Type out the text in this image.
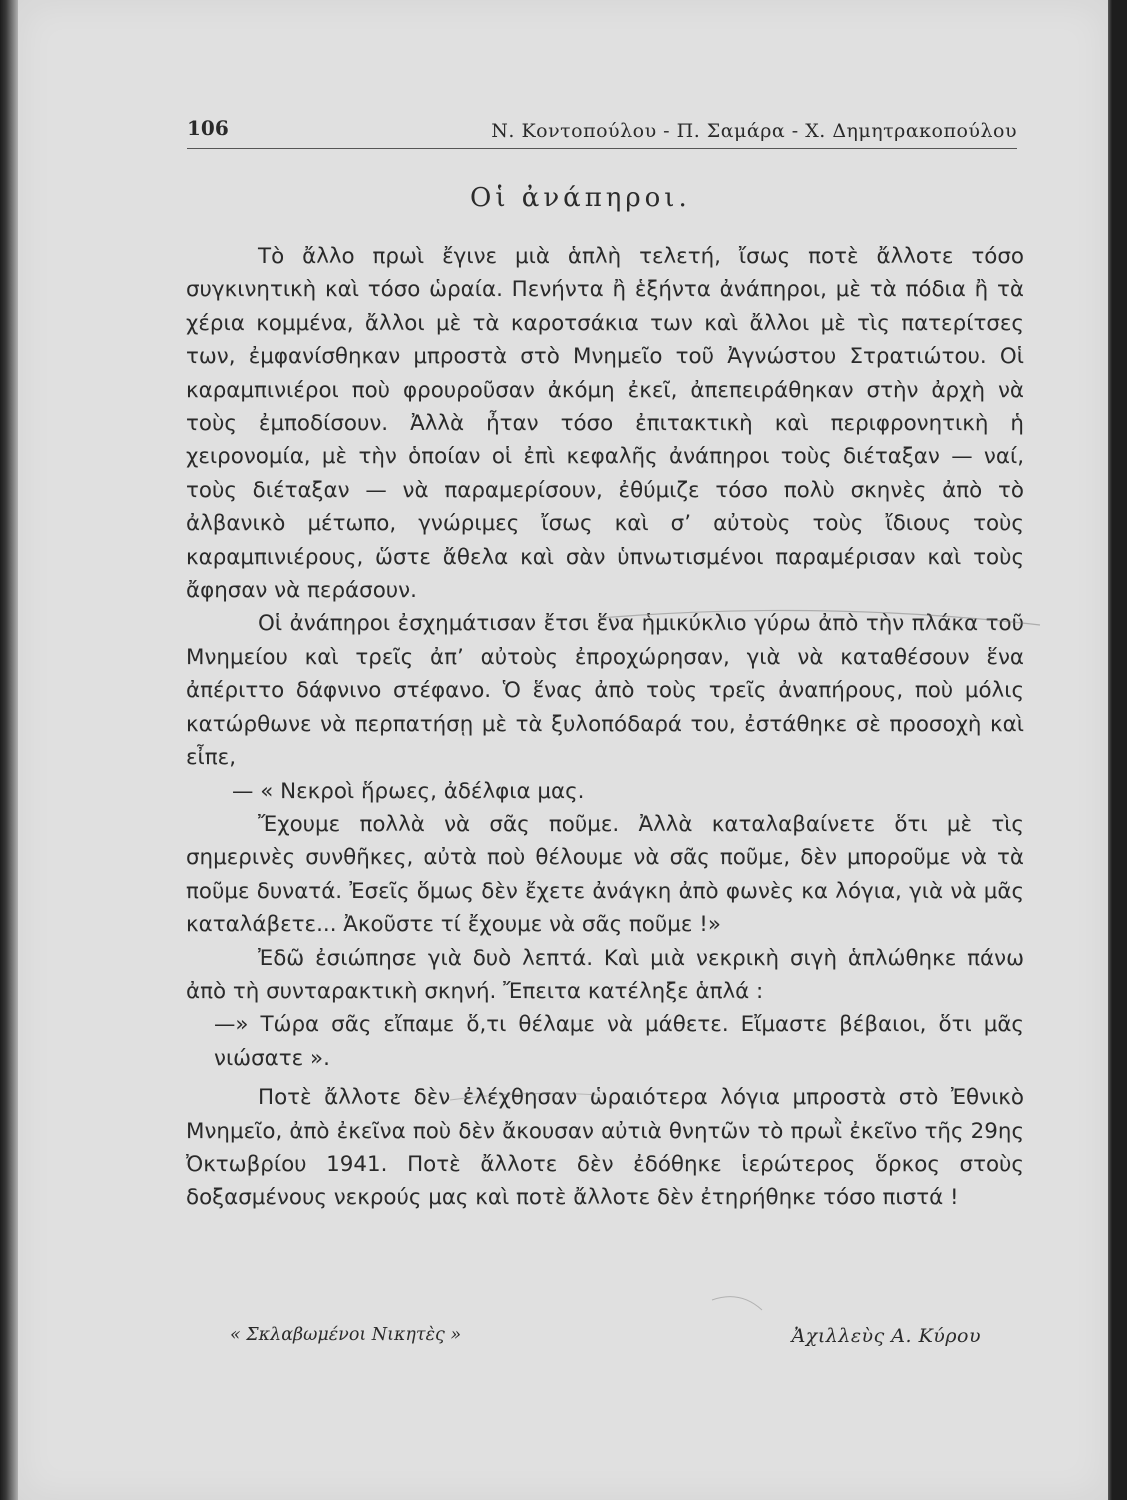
106	Ν. Κοντοπούλου - Π. Σαμάρα - Χ. Δημητρακοπούλου
Οἱ ἀνάπηροι.

Τὸ ἄλλο πρωὶ ἔγινε μιὰ ἁπλὴ τελετή, ἴσως ποτὲ ἄλλοτε τόσο συγκινητικὴ καὶ τόσο ὡραία. Πενήντα ἢ ἑξήντα ἀνάπηροι, μὲ τὰ πόδια ἢ τὰ χέρια κομμένα, ἄλλοι μὲ τὰ καροτσάκια των καὶ ἄλλοι μὲ τὶς πατερίτσες των, ἐμφανίσθηκαν μπροστὰ στὸ Μνημεῖο τοῦ Ἀγνώστου Στρατιώτου. Οἱ καραμπινιέροι ποὺ φρουροῦσαν ἀκόμη ἐκεῖ, ἀπεπειράθηκαν στὴν ἀρχὴ νὰ τοὺς ἐμποδίσουν. Ἀλλὰ ἦταν τόσο ἐπιτακτικὴ καὶ περιφρονητικὴ ἡ χειρονομία, μὲ τὴν ὁποίαν οἱ ἐπὶ κεφαλῆς ἀνάπηροι τοὺς διέταξαν — ναί, τοὺς διέταξαν — νὰ παραμερίσουν, ἐθύμιζε τόσο πολὺ σκηνὲς ἀπὸ τὸ ἀλβανικὸ μέτωπο, γνώριμες ἴσως καὶ σ’ αὐτοὺς τοὺς ἴδιους τοὺς καραμπινιέρους, ὥστε ἄθελα καὶ σὰν ὑπνωτισμένοι παραμέρισαν καὶ τοὺς ἄφησαν νὰ περάσουν.

Οἱ ἀνάπηροι ἐσχημάτισαν ἔτσι ἕνα ἡμικύκλιο γύρω ἀπὸ τὴν πλάκα τοῦ Μνημείου καὶ τρεῖς ἀπ’ αὐτοὺς ἐπροχώρησαν, γιὰ νὰ καταθέσουν ἕνα ἀπέριττο δάφνινο στέφανο. Ὁ ἕνας ἀπὸ τοὺς τρεῖς ἀναπήρους, ποὺ μόλις κατώρθωνε νὰ περπατήσῃ μὲ τὰ ξυλοπόδαρά του, ἐστάθηκε σὲ προσοχὴ καὶ εἶπε,

— « Νεκροὶ ἥρωες, ἀδέλφια μας.

Ἔχουμε πολλὰ νὰ σᾶς ποῦμε. Ἀλλὰ καταλαβαίνετε ὅτι μὲ τὶς σημερινὲς συνθῆκες, αὐτὰ ποὺ θέλουμε νὰ σᾶς ποῦμε, δὲν μποροῦμε νὰ τὰ ποῦμε δυνατά. Ἐσεῖς ὅμως δὲν ἔχετε ἀνάγκη ἀπὸ φωνὲς κα λόγια, γιὰ νὰ μᾶς καταλάβετε... Ἀκοῦστε τί ἔχουμε νὰ σᾶς ποῦμε !»

Ἐδῶ ἐσιώπησε γιὰ δυὸ λεπτά. Καὶ μιὰ νεκρικὴ σιγὴ ἁπλώθηκε πάνω ἀπὸ τὴ συνταρακτικὴ σκηνή. Ἔπειτα κατέληξε ἁπλά :

—» Τώρα σᾶς εἴπαμε ὅ,τι θέλαμε νὰ μάθετε. Εἴμαστε βέβαιοι, ὅτι μᾶς νιώσατε ».

Ποτὲ ἄλλοτε δὲν ἐλέχθησαν ὡραιότερα λόγια μπροστὰ στὸ Ἐθνικὸ Μνημεῖο, ἀπὸ ἐκεῖνα ποὺ δὲν ἄκουσαν αὐτιὰ θνητῶν τὸ πρωῒ ἐκεῖνο τῆς 29ης Ὀκτωβρίου 1941. Ποτὲ ἄλλοτε δὲν ἐδόθηκε ἱερώτερος ὅρκος στοὺς δοξασμένους νεκρούς μας καὶ ποτὲ ἄλλοτε δὲν ἐτηρήθηκε τόσο πιστά !

« Σκλαβωμένοι Νικητὲς »	Ἀχιλλεὺς Α. Κύρου
